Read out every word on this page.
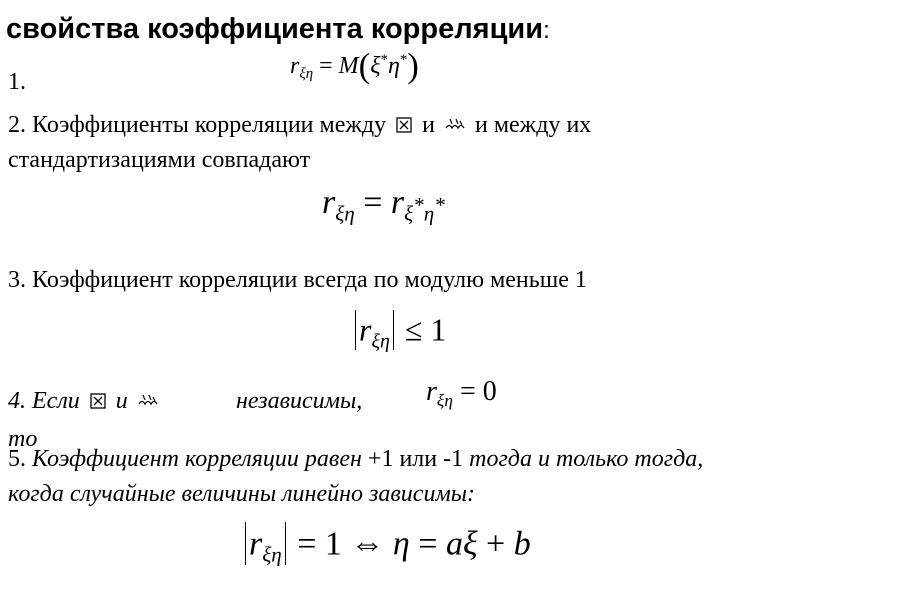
свойства коэффициента корреляции:
1.
$r_{\xi\eta} = M(\xi^*\eta^*)$
2. Коэффициенты корреляции между и и между их
стандартизациями совпадают
$r_{\xi\eta} = r_\xi*_\eta*$
3. Коэффициент корреляции всегда по модулю меньше 1
$r_{\xi\eta} \le 1$
4. Если и	независимы, $r_{\xi\eta} = 0$
то
5. Коэффициент корреляции равен +1 или -1 тогда и только тогда,
когда случайные величины линейно зависимы:
$r_{\xi\eta} = 1$ ⇔ η = aξ + b
